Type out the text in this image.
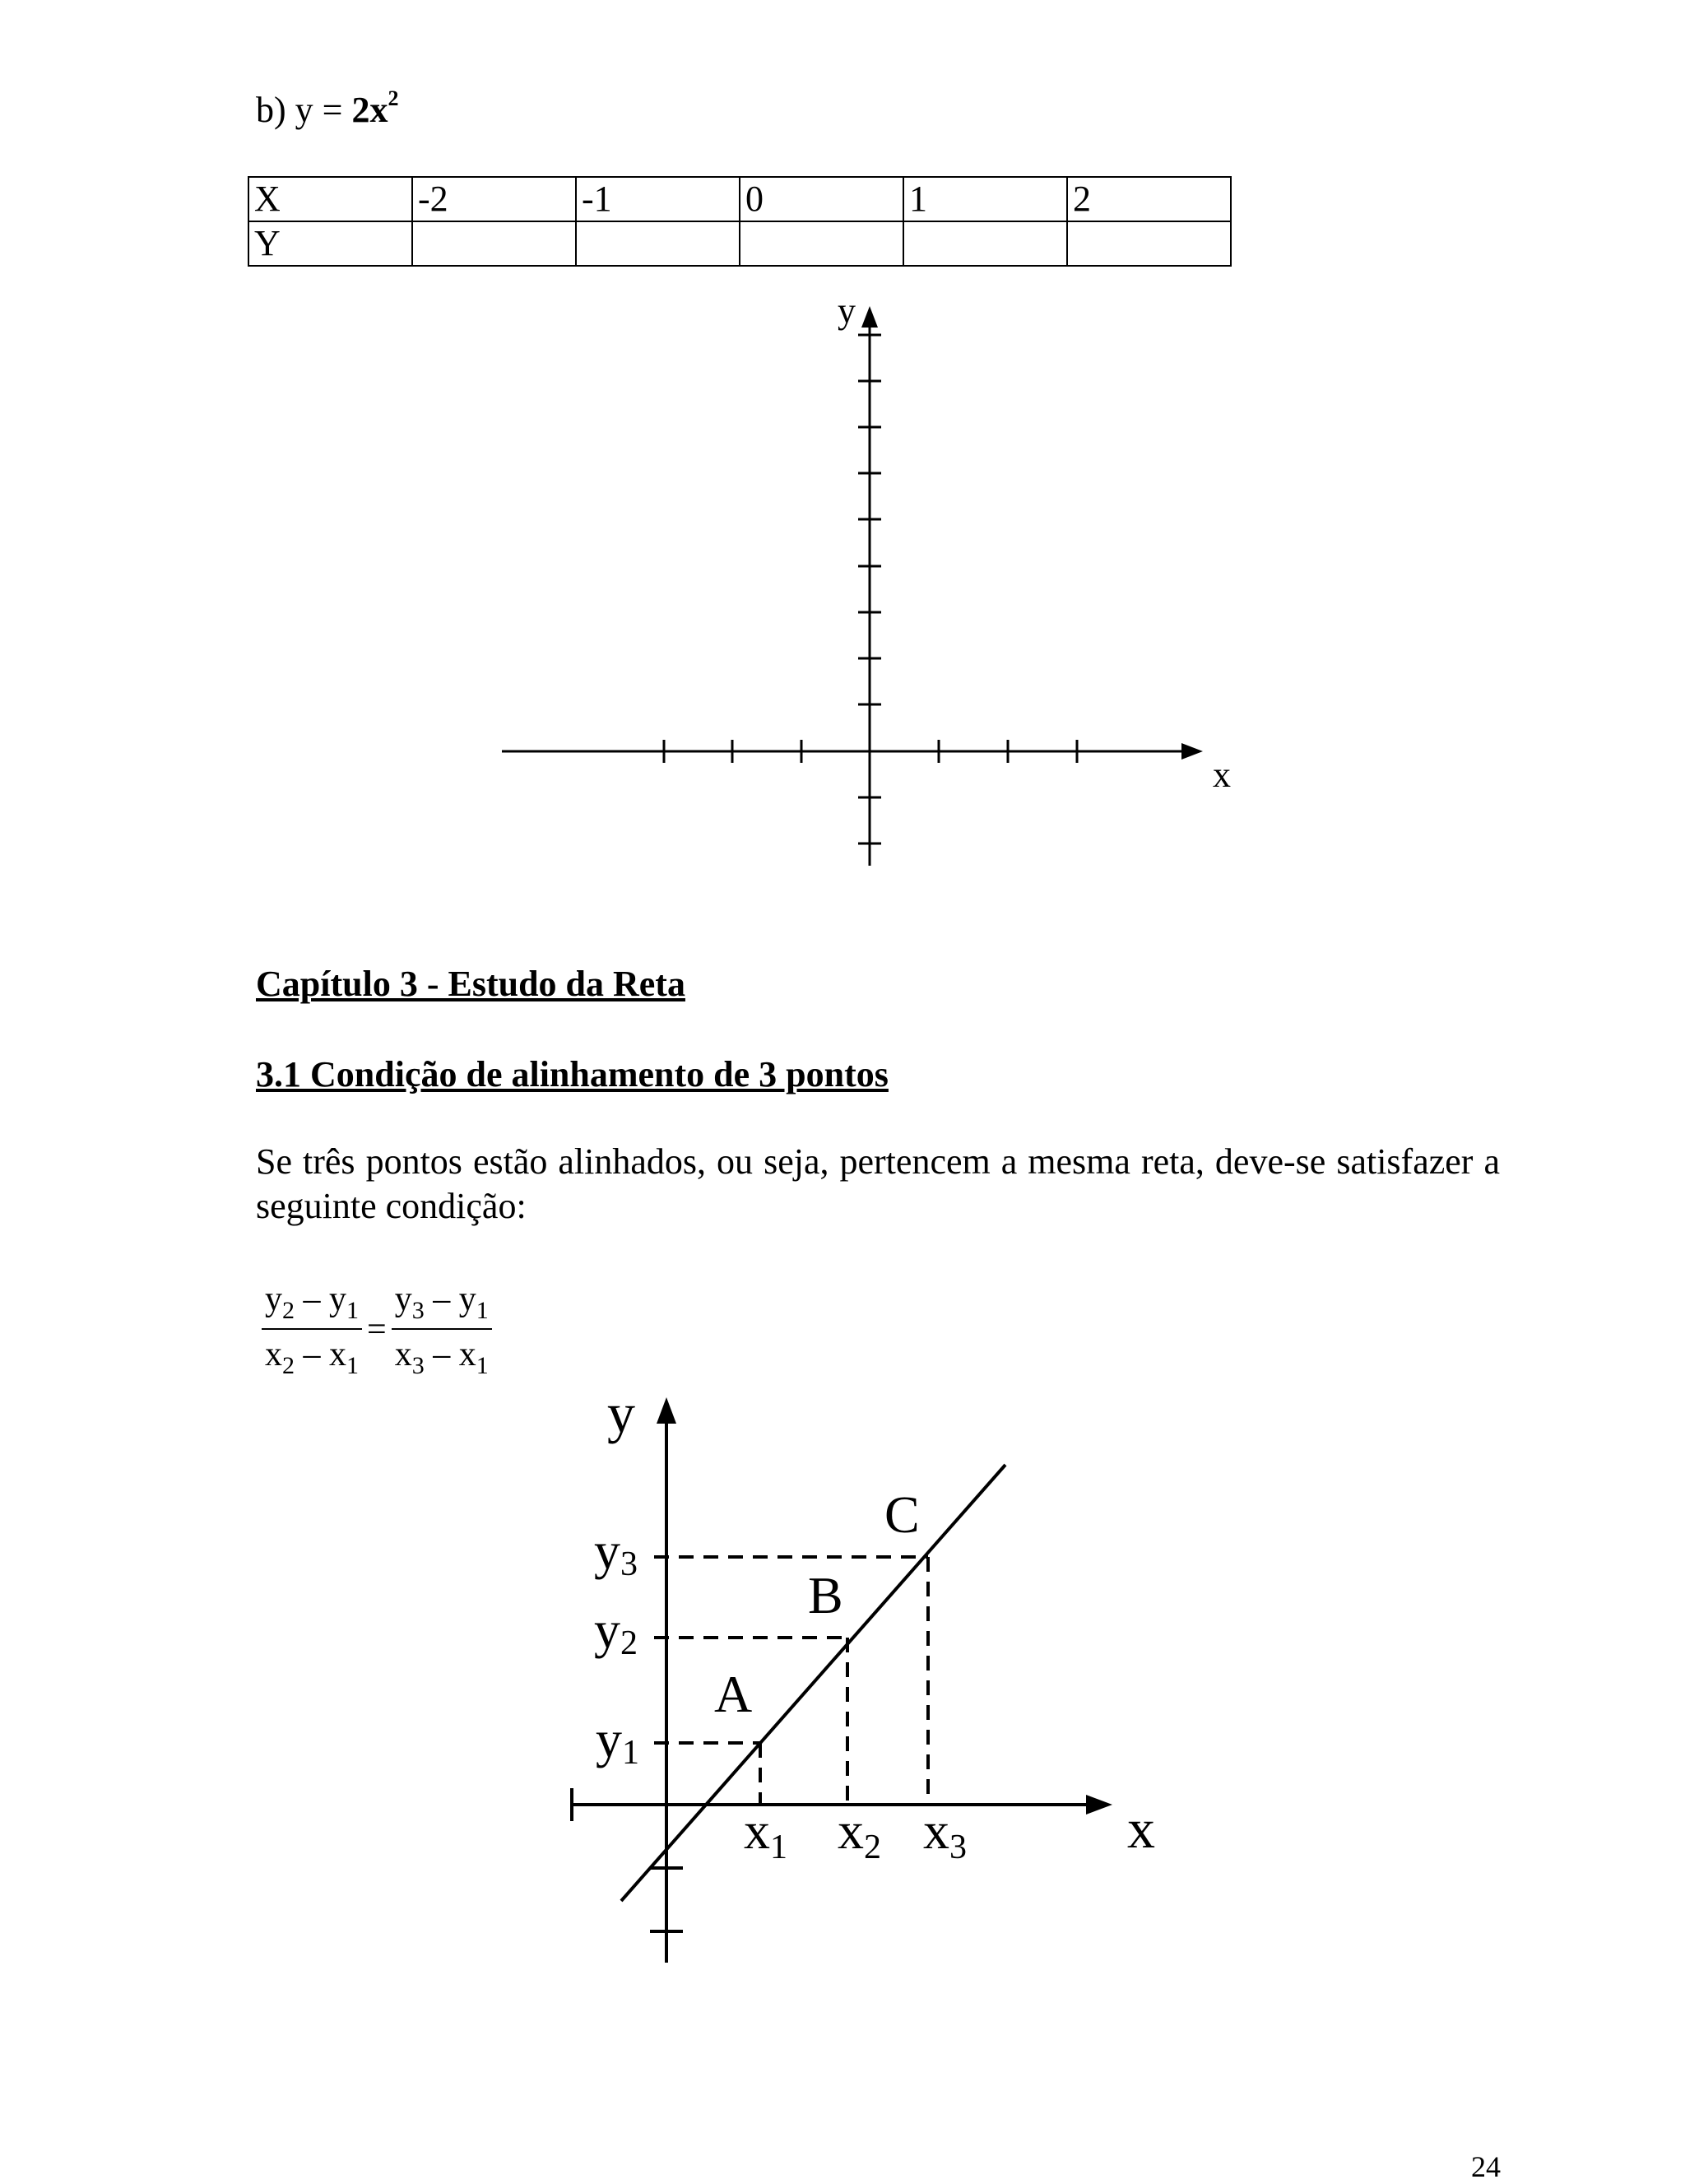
b) $y = 2x^2$
X	-2	-1	0	1	2
Y					
y
x
Capítulo 3 - Estudo da Reta
3.1 Condição de alinhamento de 3 pontos
Se três pontos estão alinhados, ou seja, pertencem a mesma reta, deve-se satisfazer a seguinte condição:
$\frac{y_2 - y_1}{x_2 - x_1} = \frac{y_3 - y_1}{x_3 - x_1}$
y
x
A
B
C
y1
y2
y3
x1 x2 x3
24
